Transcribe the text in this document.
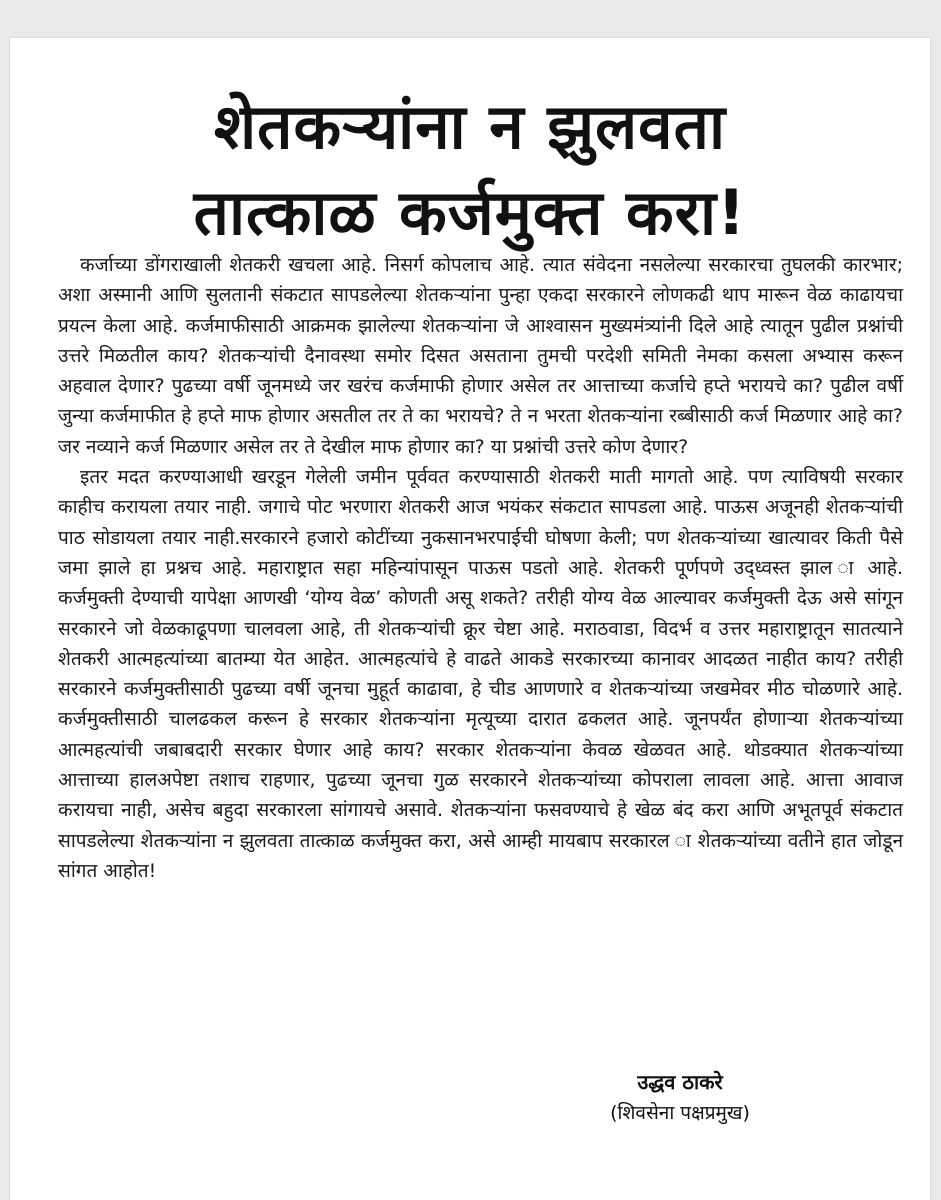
शेतकऱ्यांना न झुलवता
तात्काळ कर्जमुक्त करा!

कर्जाच्या डोंगराखाली शेतकरी खचला आहे. निसर्ग कोपलाच आहे. त्यात संवेदना नसलेल्या सरकारचा तुघलकी कारभार; अशा अस्मानी आणि सुलतानी संकटात सापडलेल्या शेतकऱ्यांना पुन्हा एकदा सरकारने लोणकढी थाप मारून वेळ काढायचा प्रयत्न केला आहे. कर्जमाफीसाठी आक्रमक झालेल्या शेतकऱ्यांना जे आश्वासन मुख्यमंत्र्यांनी दिले आहे त्यातून पुढील प्रश्नांची उत्तरे मिळतील काय? शेतकऱ्यांची दैनावस्था समोर दिसत असताना तुमची परदेशी समिती नेमका कसला अभ्यास करून अहवाल देणार? पुढच्या वर्षी जूनमध्ये जर खरंच कर्जमाफी होणार असेल तर आत्ताच्या कर्जाचे हप्ते भरायचे का? पुढील वर्षी जुन्या कर्जमाफीत हे हप्ते माफ होणार असतील तर ते का भरायचे? ते न भरता शेतकऱ्यांना रब्बीसाठी कर्ज मिळणार आहे का? जर नव्याने कर्ज मिळणार असेल तर ते देखील माफ होणार का? या प्रश्नांची उत्तरे कोण देणार?

इतर मदत करण्याआधी खरडून गेलेली जमीन पूर्ववत करण्यासाठी शेतकरी माती मागतो आहे. पण त्याविषयी सरकार काहीच करायला तयार नाही. जगाचे पोट भरणारा शेतकरी आज भयंकर संकटात सापडला आहे. पाऊस अजूनही शेतकऱ्यांची पाठ सोडायला तयार नाही.सरकारने हजारो कोटींच्या नुकसानभरपाईची घोषणा केली; पण शेतकऱ्यांच्या खात्यावर किती पैसे जमा झाले हा प्रश्नच आहे. महाराष्ट्रात सहा महिन्यांपासून पाऊस पडतो आहे. शेतकरी पूर्णपणे उद्ध्वस्त झाल ा आहे. कर्जमुक्ती देण्याची यापेक्षा आणखी ‘योग्य वेळ’ कोणती असू शकते? तरीही योग्य वेळ आल्यावर कर्जमुक्ती देऊ असे सांगून सरकारने जो वेळकाढूपणा चालवला आहे, ती शेतकऱ्यांची क्रूर चेष्टा आहे. मराठवाडा, विदर्भ व उत्तर महाराष्ट्रातून सातत्याने शेतकरी आत्महत्यांच्या बातम्या येत आहेत. आत्महत्यांचे हे वाढते आकडे सरकारच्या कानावर आदळत नाहीत काय? तरीही सरकारने कर्जमुक्तीसाठी पुढच्या वर्षी जूनचा मुहूर्त काढावा, हे चीड आणणारे व शेतकऱ्यांच्या जखमेवर मीठ चोळणारे आहे. कर्जमुक्तीसाठी चालढकल करून हे सरकार शेतकऱ्यांना मृत्यूच्या दारात ढकलत आहे. जूनपर्यंत होणाऱ्या शेतकऱ्यांच्या आत्महत्यांची जबाबदारी सरकार घेणार आहे काय? सरकार शेतकऱ्यांना केवळ खेळवत आहे. थोडक्यात शेतकऱ्यांच्या आत्ताच्या हालअपेष्टा तशाच राहणार, पुढच्या जूनचा गुळ सरकारने शेतकऱ्यांच्या कोपराला लावला आहे. आत्ता आवाज करायचा नाही, असेच बहुदा सरकारला सांगायचे असावे. शेतकऱ्यांना फसवण्याचे हे खेळ बंद करा आणि अभूतपूर्व संकटात सापडलेल्या शेतकऱ्यांना न झुलवता तात्काळ कर्जमुक्त करा, असे आम्ही मायबाप सरकारल ा शेतकऱ्यांच्या वतीने हात जोडून सांगत आहोत!

उद्धव ठाकरे
(शिवसेना पक्षप्रमुख)
